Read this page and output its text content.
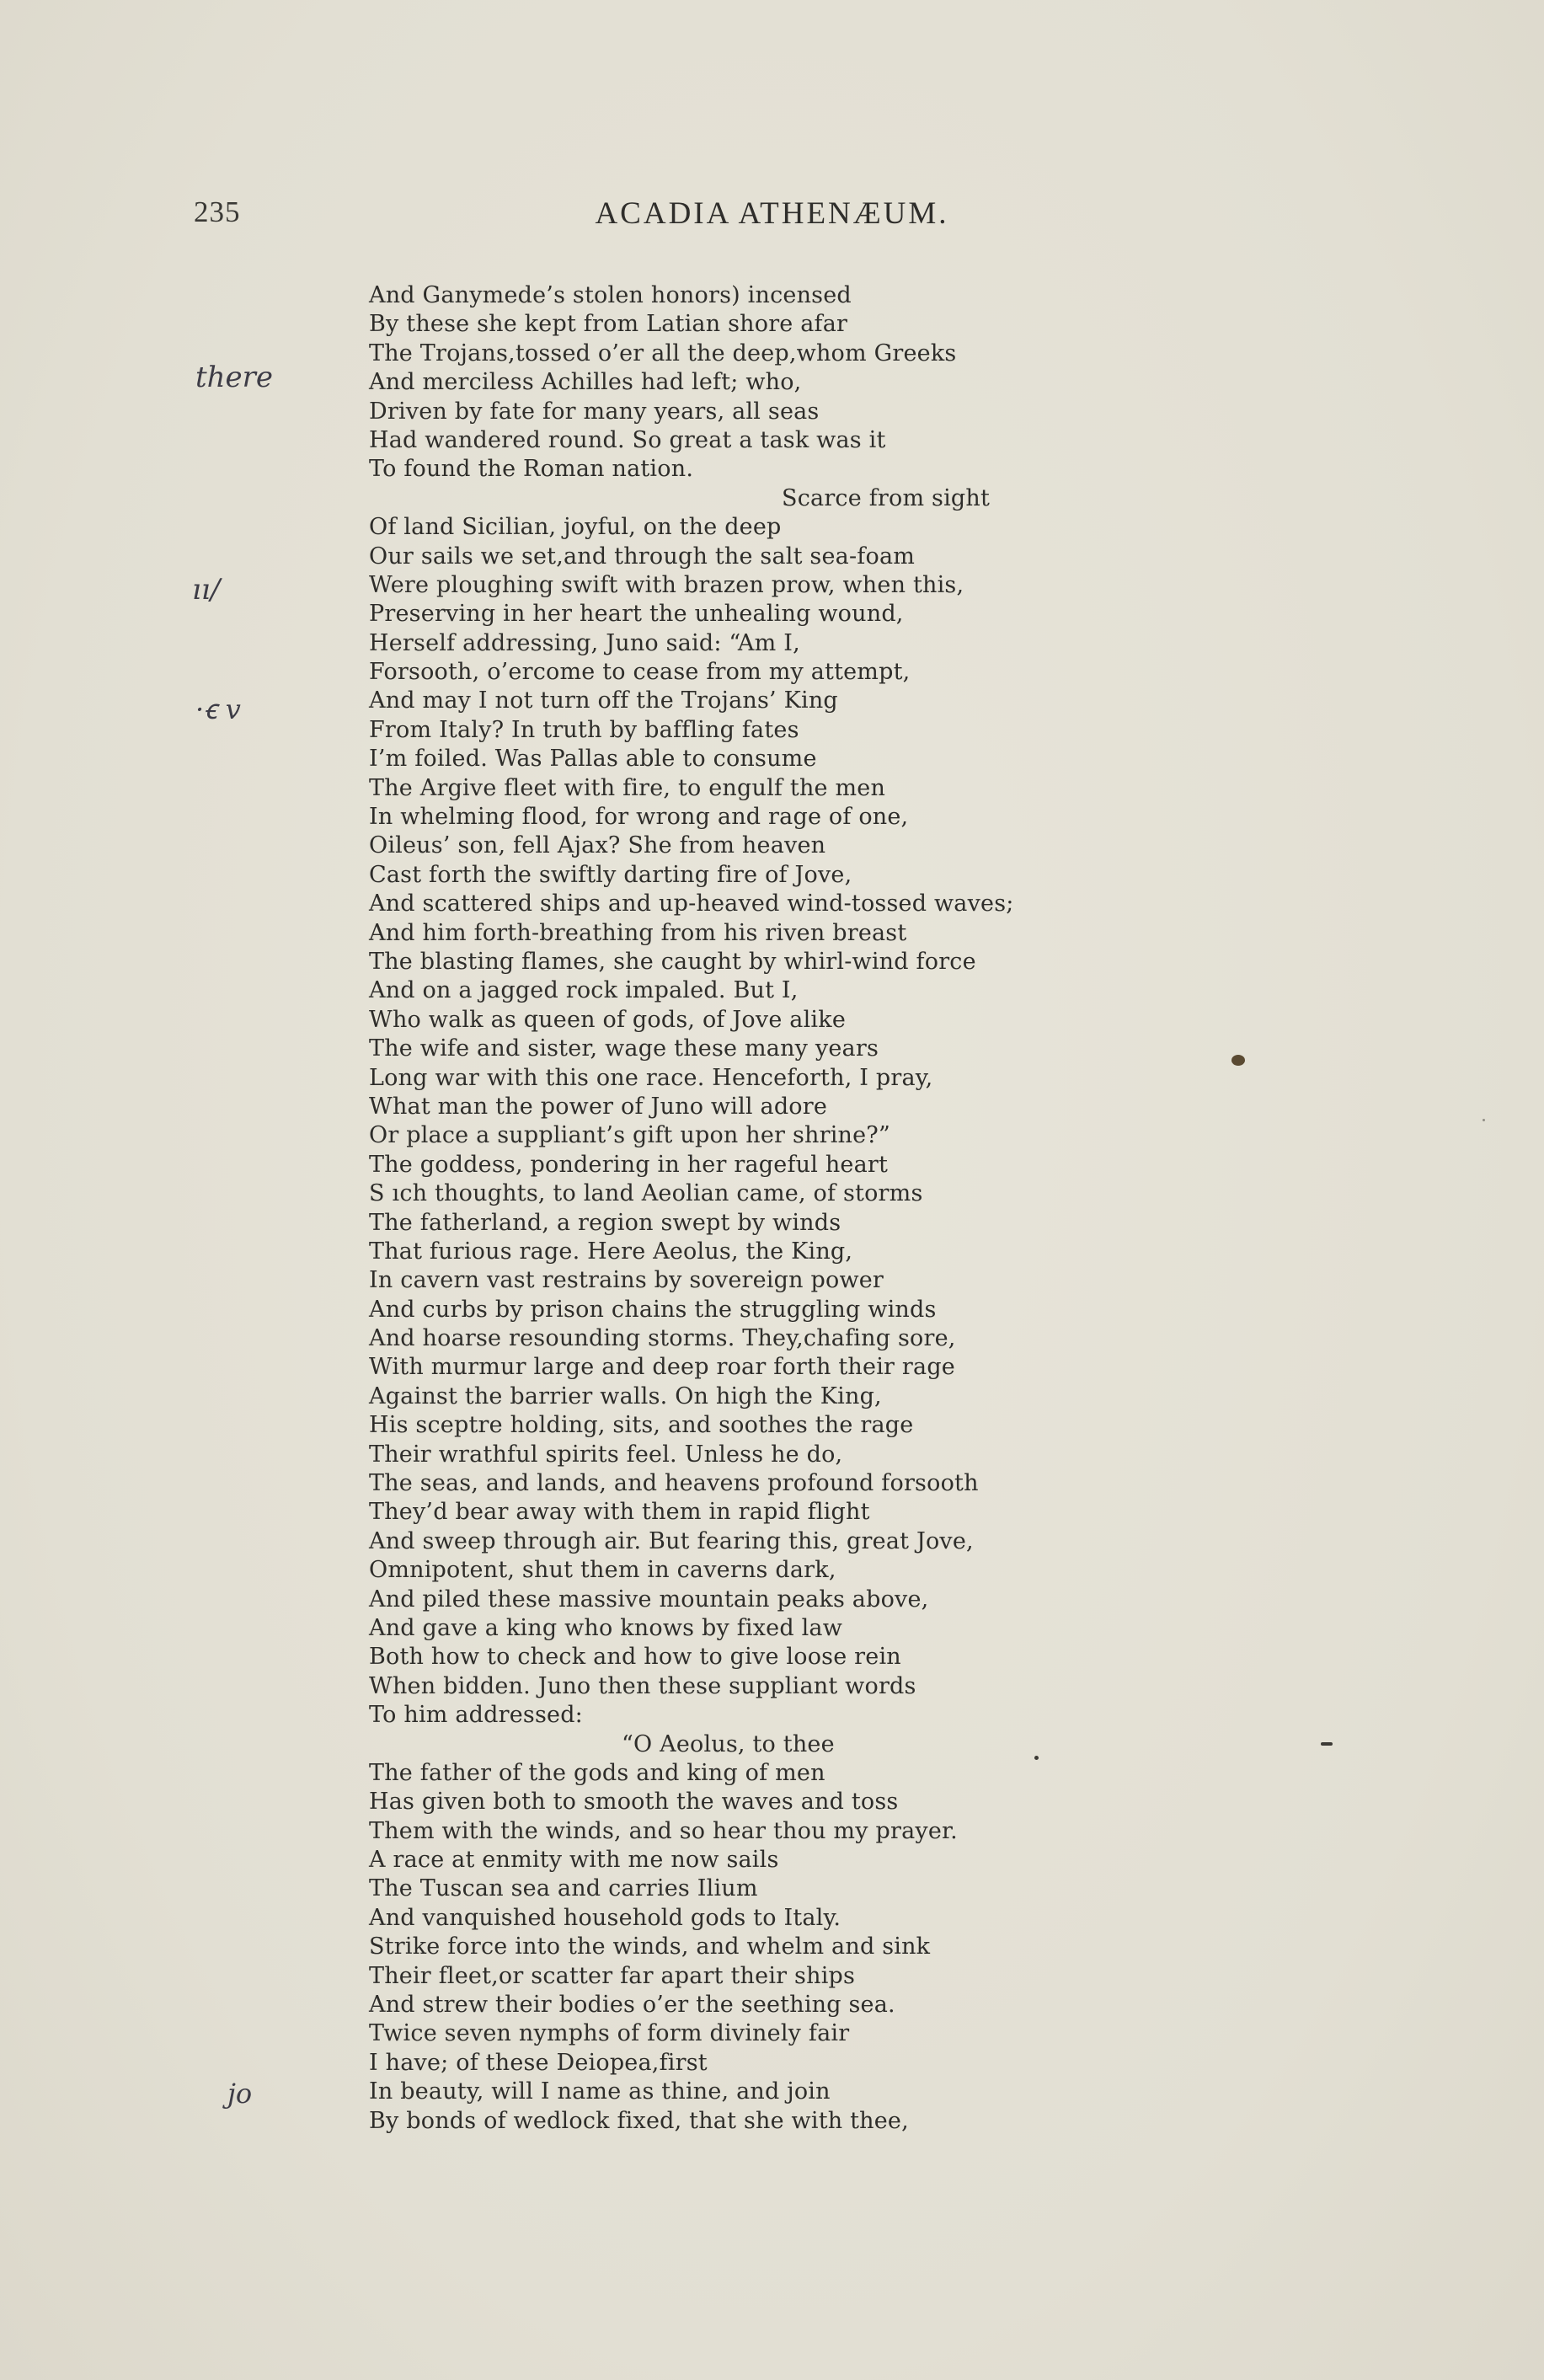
235	ACADIA ATHENÆUM.
there
ıı/
·ꞓ v
jo
And Ganymede’s stolen honors) incensed
By these she kept from Latian shore afar
The Trojans,tossed o’er all the deep,whom Greeks
And merciless Achilles had left; who,
Driven by fate for many years, all seas
Had wandered round. So great a task was it
To found the Roman nation.
Scarce from sight
Of land Sicilian, joyful, on the deep
Our sails we set,and through the salt sea-foam
Were ploughing swift with brazen prow, when this,
Preserving in her heart the unhealing wound,
Herself addressing, Juno said: “Am I,
Forsooth, o’ercome to cease from my attempt,
And may I not turn off the Trojans’ King
From Italy? In truth by baffling fates
I’m foiled. Was Pallas able to consume
The Argive fleet with fire, to engulf the men
In whelming flood, for wrong and rage of one,
Oileus’ son, fell Ajax? She from heaven
Cast forth the swiftly darting fire of Jove,
And scattered ships and up-heaved wind-tossed waves;
And him forth-breathing from his riven breast
The blasting flames, she caught by whirl-wind force
And on a jagged rock impaled. But I,
Who walk as queen of gods, of Jove alike
The wife and sister, wage these many years
Long war with this one race. Henceforth, I pray,
What man the power of Juno will adore
Or place a suppliant’s gift upon her shrine?”
The goddess, pondering in her rageful heart
S ıch thoughts, to land Aeolian came, of storms
The fatherland, a region swept by winds
That furious rage. Here Aeolus, the King,
In cavern vast restrains by sovereign power
And curbs by prison chains the struggling winds
And hoarse resounding storms. They,chafing sore,
With murmur large and deep roar forth their rage
Against the barrier walls. On high the King,
His sceptre holding, sits, and soothes the rage
Their wrathful spirits feel. Unless he do,
The seas, and lands, and heavens profound forsooth
They’d bear away with them in rapid flight
And sweep through air. But fearing this, great Jove,
Omnipotent, shut them in caverns dark,
And piled these massive mountain peaks above,
And gave a king who knows by fixed law
Both how to check and how to give loose rein
When bidden. Juno then these suppliant words
To him addressed:
“O Aeolus, to thee
The father of the gods and king of men
Has given both to smooth the waves and toss
Them with the winds, and so hear thou my prayer.
A race at enmity with me now sails
The Tuscan sea and carries Ilium
And vanquished household gods to Italy.
Strike force into the winds, and whelm and sink
Their fleet,or scatter far apart their ships
And strew their bodies o’er the seething sea.
Twice seven nymphs of form divinely fair
I have; of these Deiopea,first
In beauty, will I name as thine, and join
By bonds of wedlock fixed, that she with thee,
